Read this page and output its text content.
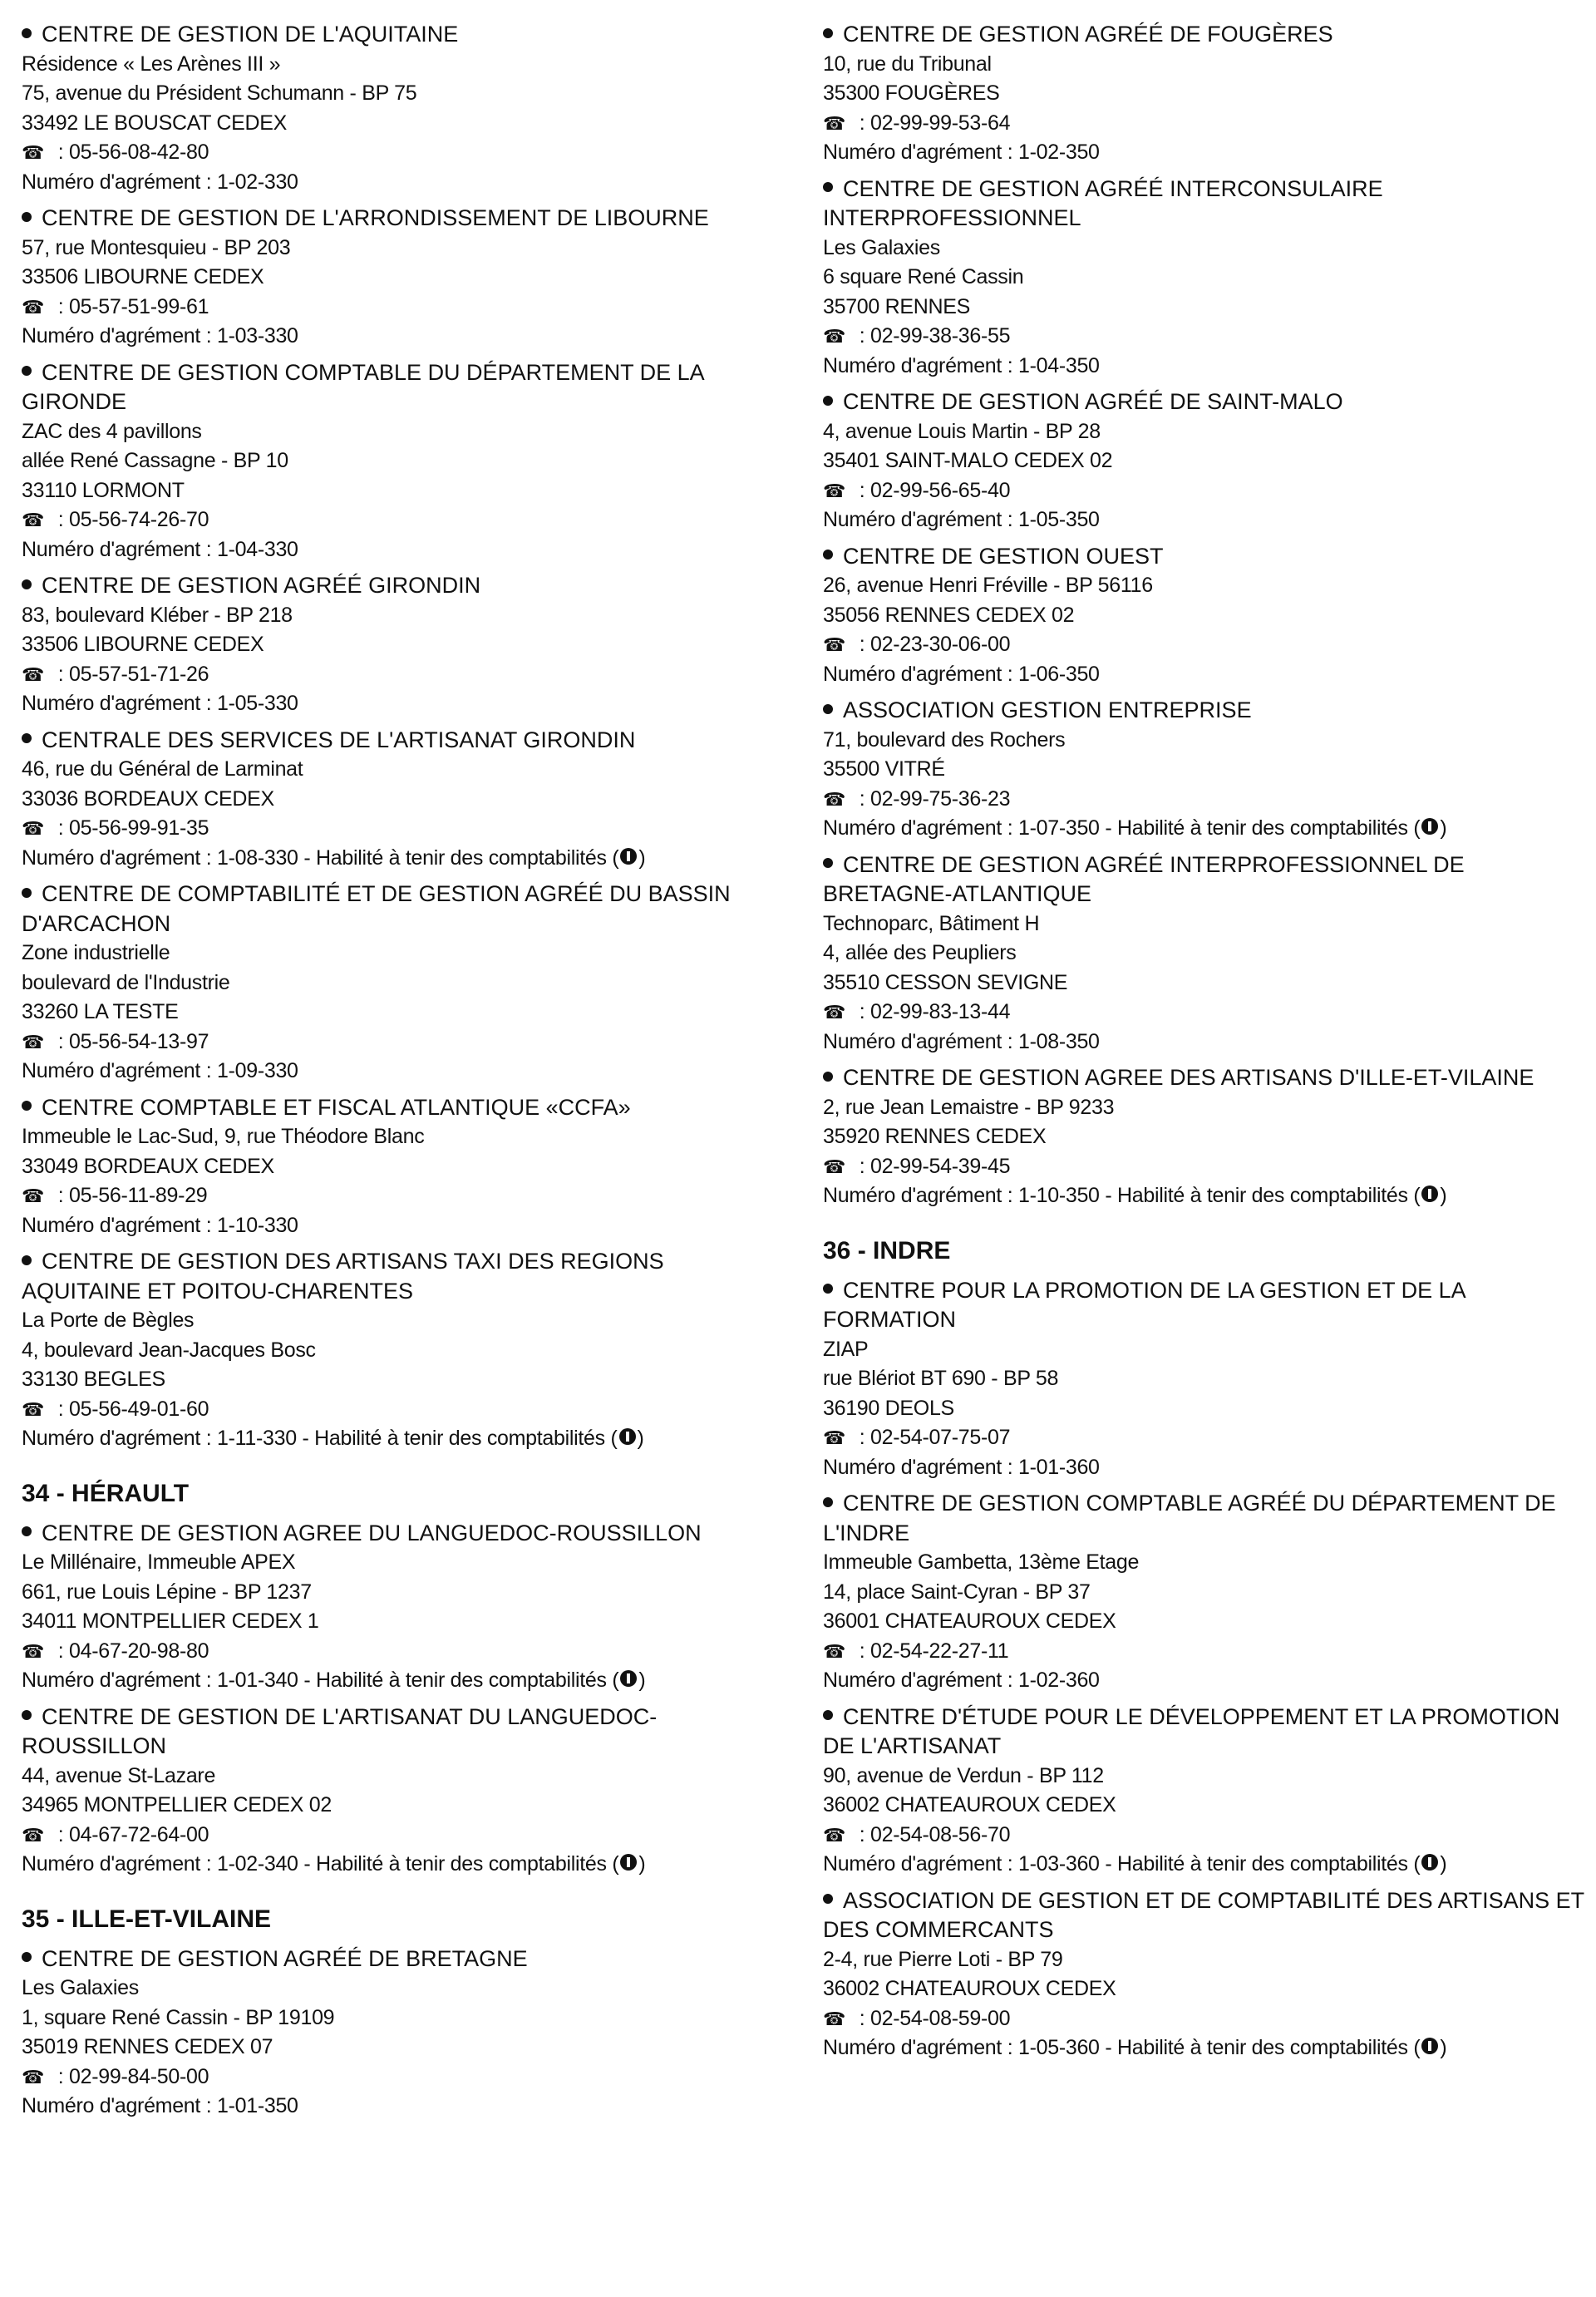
CENTRE DE GESTION DE L'AQUITAINE
Résidence « Les Arènes III »
75, avenue du Président Schumann - BP 75
33492 LE BOUSCAT CEDEX
☎ : 05-56-08-42-80
Numéro d'agrément : 1-02-330
CENTRE DE GESTION DE L'ARRONDISSEMENT DE LIBOURNE
57, rue Montesquieu - BP 203
33506 LIBOURNE CEDEX
☎ : 05-57-51-99-61
Numéro d'agrément : 1-03-330
CENTRE DE GESTION COMPTABLE DU DÉPARTEMENT DE LA GIRONDE
ZAC des 4 pavillons
allée René Cassagne - BP 10
33110 LORMONT
☎ : 05-56-74-26-70
Numéro d'agrément : 1-04-330
CENTRE DE GESTION AGRÉÉ GIRONDIN
83, boulevard Kléber - BP 218
33506 LIBOURNE CEDEX
☎ : 05-57-51-71-26
Numéro d'agrément : 1-05-330
CENTRALE DES SERVICES DE L'ARTISANAT GIRONDIN
46, rue du Général de Larminat
33036 BORDEAUX CEDEX
☎ : 05-56-99-91-35
Numéro d'agrément : 1-08-330 - Habilité à tenir des comptabilités ( )
CENTRE DE COMPTABILITÉ ET DE GESTION AGRÉÉ DU BASSIN D'ARCACHON
Zone industrielle
boulevard de l'Industrie
33260 LA TESTE
☎ : 05-56-54-13-97
Numéro d'agrément : 1-09-330
CENTRE COMPTABLE ET FISCAL ATLANTIQUE «CCFA»
Immeuble le Lac-Sud, 9, rue Théodore Blanc
33049 BORDEAUX CEDEX
☎ : 05-56-11-89-29
Numéro d'agrément : 1-10-330
CENTRE DE GESTION DES ARTISANS TAXI DES REGIONS AQUITAINE ET POITOU-CHARENTES
La Porte de Bègles
4, boulevard Jean-Jacques Bosc
33130 BEGLES
☎ : 05-56-49-01-60
Numéro d'agrément : 1-11-330 - Habilité à tenir des comptabilités ( )
34 - HÉRAULT
CENTRE DE GESTION AGREE DU LANGUEDOC-ROUSSILLON
Le Millénaire, Immeuble APEX
661, rue Louis Lépine - BP 1237
34011 MONTPELLIER CEDEX 1
☎ : 04-67-20-98-80
Numéro d'agrément : 1-01-340 - Habilité à tenir des comptabilités ( )
CENTRE DE GESTION DE L'ARTISANAT DU LANGUEDOC-ROUSSILLON
44, avenue St-Lazare
34965 MONTPELLIER CEDEX 02
☎ : 04-67-72-64-00
Numéro d'agrément : 1-02-340 - Habilité à tenir des comptabilités ( )
35 - ILLE-ET-VILAINE
CENTRE DE GESTION AGRÉÉ DE BRETAGNE
Les Galaxies
1, square René Cassin - BP 19109
35019 RENNES CEDEX 07
☎ : 02-99-84-50-00
Numéro d'agrément : 1-01-350
CENTRE DE GESTION AGRÉÉ DE FOUGÈRES
10, rue du Tribunal
35300 FOUGÈRES
☎ : 02-99-99-53-64
Numéro d'agrément : 1-02-350
CENTRE DE GESTION AGRÉÉ INTERCONSULAIRE INTERPROFESSIONNEL
Les Galaxies
6 square René Cassin
35700 RENNES
☎ : 02-99-38-36-55
Numéro d'agrément : 1-04-350
CENTRE DE GESTION AGRÉÉ DE SAINT-MALO
4, avenue Louis Martin - BP 28
35401 SAINT-MALO CEDEX 02
☎ : 02-99-56-65-40
Numéro d'agrément : 1-05-350
CENTRE DE GESTION OUEST
26, avenue Henri Fréville - BP 56116
35056 RENNES CEDEX 02
☎ : 02-23-30-06-00
Numéro d'agrément : 1-06-350
ASSOCIATION GESTION ENTREPRISE
71, boulevard des Rochers
35500 VITRÉ
☎ : 02-99-75-36-23
Numéro d'agrément : 1-07-350 - Habilité à tenir des comptabilités ( )
CENTRE DE GESTION AGRÉÉ INTERPROFESSIONNEL DE BRETAGNE-ATLANTIQUE
Technoparc, Bâtiment H
4, allée des Peupliers
35510 CESSON SEVIGNE
☎ : 02-99-83-13-44
Numéro d'agrément : 1-08-350
CENTRE DE GESTION AGREE DES ARTISANS D'ILLE-ET-VILAINE
2, rue Jean Lemaistre - BP 9233
35920 RENNES CEDEX
☎ : 02-99-54-39-45
Numéro d'agrément : 1-10-350 - Habilité à tenir des comptabilités ( )
36 - INDRE
CENTRE POUR LA PROMOTION DE LA GESTION ET DE LA FORMATION
ZIAP
rue Blériot BT 690 - BP 58
36190 DEOLS
☎ : 02-54-07-75-07
Numéro d'agrément : 1-01-360
CENTRE DE GESTION COMPTABLE AGRÉÉ DU DÉPARTEMENT DE L'INDRE
Immeuble Gambetta, 13ème Etage
14, place Saint-Cyran - BP 37
36001 CHATEAUROUX CEDEX
☎ : 02-54-22-27-11
Numéro d'agrément : 1-02-360
CENTRE D'ÉTUDE POUR LE DÉVELOPPEMENT ET LA PROMOTION DE L'ARTISANAT
90, avenue de Verdun - BP 112
36002 CHATEAUROUX CEDEX
☎ : 02-54-08-56-70
Numéro d'agrément : 1-03-360 - Habilité à tenir des comptabilités ( )
ASSOCIATION DE GESTION ET DE COMPTABILITÉ DES ARTISANS ET DES COMMERCANTS
2-4, rue Pierre Loti - BP 79
36002 CHATEAUROUX CEDEX
☎ : 02-54-08-59-00
Numéro d'agrément : 1-05-360 - Habilité à tenir des comptabilités ( )
